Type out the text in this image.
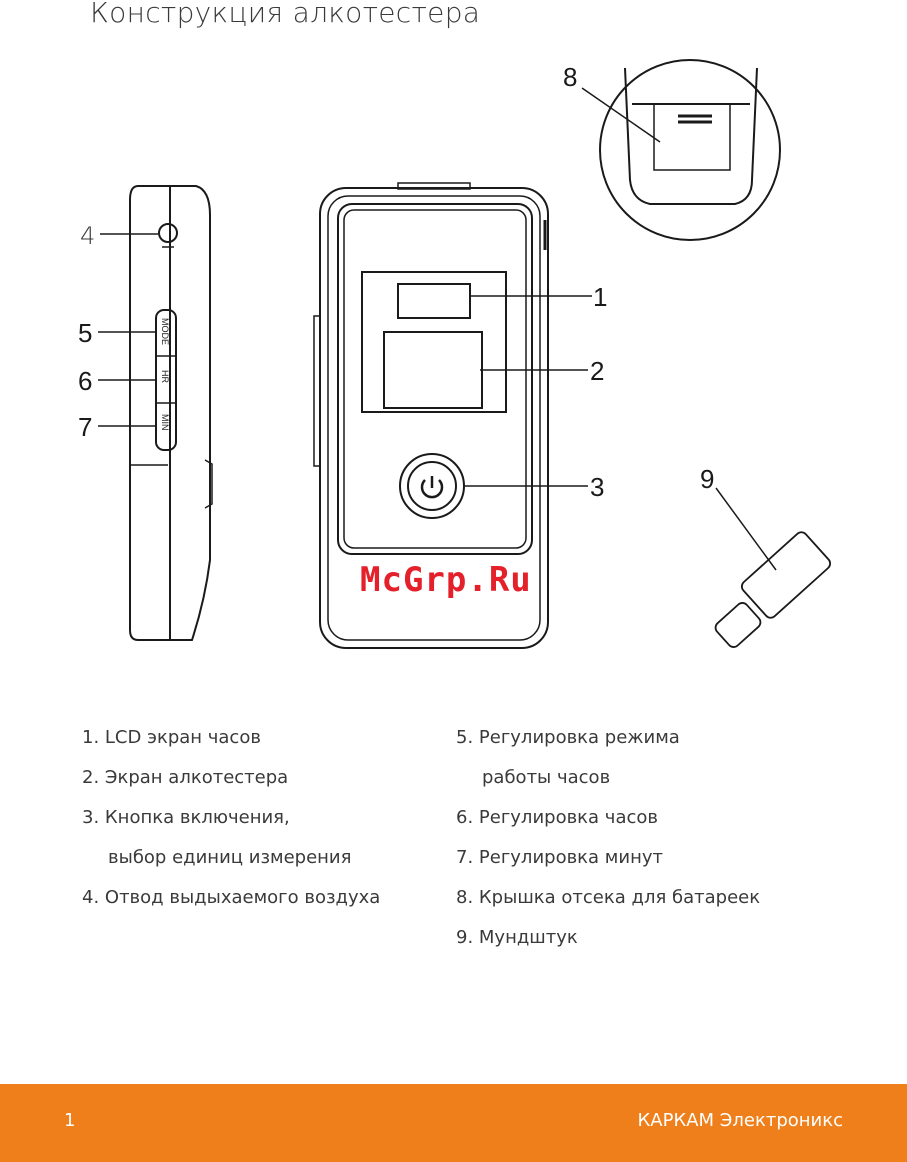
Конструкция алкотестера
4
5
6
7
1
2
3
8
9
MODE
HR
MIN
McGrp.Ru
1. LCD экран часов
2. Экран алкотестера
3. Кнопка включения,
выбор единиц измерения
4. Отвод выдыхаемого воздуха
5. Регулировка режима
работы часов
6. Регулировка часов
7. Регулировка минут
8. Крышка отсека для батареек
9. Мундштук
1	КАРКАМ Электроникс
